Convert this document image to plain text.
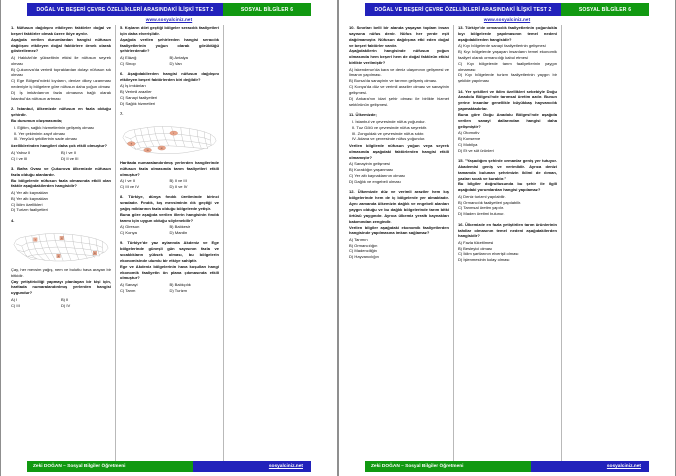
DOĞAL VE BEŞERİ ÇEVRE ÖZELLİKLERİ ARASINDAKİ İLİŞKİ TEST 2	SOSYAL BİLGİLER 6
www.sosyalciniz.net
1. Nüfusun dağılışını etkileyen faktörler doğal ve beşeri faktörler olmak üzere ikiye ayrılır.
Aşağıda verilen durumlardan hangisi nüfusun dağılışını etkileyen doğal faktörlere örnek olarak gösterilemez?
A) Hakkâri'de yükseltinin etkisi ile nüfusun seyrek olması
B) Çukurova'da verimli topraklardan dolayı nüfusun sık olması
C) Ege Bölgesi'ndeki kıyıların, denize dikey uzanması nedeniyle iç bölgelere göre nüfusun daha yoğun olması
D) İş imkânlarının fazla olmasına bağlı olarak İstanbul'da nüfusun artması
2. İstanbul, ülkemizde nüfusun en fazla olduğu şehirdir.
Bu durumun oluşmasında;
I. Eğitim, sağlık hizmetlerinin gelişmiş olması
II. Yer çekiminin zayıf olması
III. Yeryüzü şekillerinin sade olması
özelliklerinden hangileri daha çok etkili olmuştur?
A) Yalnız II	B) I ve II
C) I ve III	D) II ve III
3. Bafra Ovası ve Çukurova ülkemizde nüfusun fazla olduğu alanlardır.
Bu bölgelerde nüfusun fazla olmasında etkili olan faktör aşağıdakilerden hangisidir?
A) Yer altı kaynakları
B) Yer altı kaynakları
C) İklim özellikleri
D) Turizm faaliyetleri
4.
I
II
III
IV
Çay, her mevsim yağış, nem ve bulutlu hava arayan bir bitkidir.
Çay yetiştiriciliği yapmayı planlayan bir kişi için, haritada numaralandırılmış yerlerden hangisi uygundur?
A) I	B) II
C) III	D) IV
5. Kışların dört geçtiği bölgeler seracılık faaliyetleri için daha elverişlidir.
Aşağıda verilen şehirlerden hangisi seracılık faaliyetlerinin yoğun olarak görüldüğü şehirlerdendir?
A) Elâzığ	B) Antalya
C) Sinop	D) Van
6. Aşağıdakilerden hangisi nüfusun dağılışını etkileyen beşeri faktörlerden biri değildir?
A) İş imkânları
B) Verimli araziler
C) Sanayi faaliyetleri
D) Sağlık hizmetleri
7.
I
II
III
IV
Haritada numaralandırılmış yerlerden hangilerinde nüfusun fazla olmasında tarım faaliyetleri etkili olmuştur?
A) I ve II	B) II ve III
C) III ve IV	D) II ve IV
8. Türkiye, dünya fındık üretiminde birinci sıradadır. Fındık, kış mevsiminin ılık geçtiği ve yağış miktarının fazla olduğu bölgelerde yetişir.
Buna göre aşağıda verilen illerin hangisinin fındık tarımı için uygun olduğu söylenebilir?
A) Giresun	B) Balıkesir
C) Konya	D) Mardin
9. Türkiye'de yaz aylarında Akdeniz ve Ege bölgelerinde güneşli gün sayısının fazla ve sıcaklıkların yüksek olması, bu bölgelerin ekonomisinde ulumlu bir etkiye sahiptir.
Ege ve Akdeniz bölgelerinin hava koşulları hangi ekonomik faaliyetin ön plana çıkmasında etkili olmuştur?
A) Sanayi	B) Balıkçılık
C) Tarım	D) Turizm
Zeki DOĞAN – Sosyal Bilgiler Öğretmeni	sosyalciniz.net
DOĞAL VE BEŞERİ ÇEVRE ÖZELLİKLERİ ARASINDAKİ İLİŞKİ TEST 2	SOSYAL BİLGİLER 6
www.sosyalciniz.net
10. Sınırları belli bir alanda yaşayan toplam insan sayısına nüfus denir. Nüfus her yerde eşit dağılmamıştır. Nüfusun dağılışına etki eden doğal ve beşeri faktörler vardır.
Aşağıdakilerin hangisinde nüfusun yoğun olmasında hem beşeri hem de doğal faktörün etkisi birlikte verilmiştir?
A) İskenderun'da kara ve deniz ulaşımının gelişmesi ve limanın yapılması.
B) Bursa'da sanayinin ve tarımın gelişmiş olması.
C) Konya'da düz ve verimli araziler olması ve sanayinin gelişmesi.
D) Ankara'nın idari şehir olması ile birlikte hizmet sektörünün gelişmesi.
11. Ülkemizde;
I. İstanbul ve çevresinde nüfus yoğundur.
II. Tuz Gölü ve çevresinde nüfus seyrektir.
III. Zonguldak ve çevresinde nüfus sıktır.
IV. Adana ve çevresinde nüfus yoğundur.
Verilen bilgilerde nüfusun yoğun veya seyrek olmasında aşağıdaki faktörlerden hangisi etkili olmamıştır?
A) Sanayinin gelişmesi
B) Kuraklığın yaşanması
C) Yer altı kaynaklarının olması
D) Dağlık ve engebeli olması
12. Ülkemizde düz ve verimli araziler hem kış bölgelerinde hem de iç bölgelerde yer almaktadır. Aynı zamanda ülkemizin dağlık ve engebeli alanları yaygın olduğu ve bu dağlık bölgelerinde tarım bitki örtüsü yaygındır. Ayrıca ülkemiz yeraltı kaynakları bakımından zengindir.
Verilen bilgiler aşağıdaki ekonomik faaliyetlerden hangisinde yapılmasına imkan sağlamaz?
A) Tarımın
B) Ormancılığın
C) Madenciliğin
D) Hayvancılığın
13. Türkiye'de ormancılık faaliyetlerinin çoğunlukla kıyı bölgelerde yapılmasının temel nedeni aşağıdakilerden hangisidir?
A) Kıyı bölgelerde sanayi faaliyetlerinin gelişmesi
B) Kıyı bölgelerde yaşayan insanların temel ekonomik faaliyet olarak ormancılığı kabul etmesi
C) Kıyı bölgelerde tarım faaliyetlerinin yaygın olmaması
D) Kıyı bölgelerde turizm faaliyetlerinin yaygın bir şekilde yapılması
14. Yer şekilleri ve iklim özellikleri sebebiyle Doğu Anadolu Bölgesi'nde tarımsal üretim azdır. Bunun yerine insanlar genellikle büyükbaş hayvancılık yapmaktadırlar.
Buna göre Doğu Anadolu Bölgesi'nde aşağıda verilen sanayi dallarından hangisi daha gelişmiştir?
A) Otomotiv
B) Konserve
C) Mobilya
D) Et ve süt ürünleri
15. "Yaşadığım şehirde ormanlar geniş yer tutuyor. Akademisi geniş ve verimlidir. Ayrıca denizi tamamda bulunan şehrimizin iklimi de ılıman, yazları sıcak ve kuraktır."
Bu bilgiler doğrultusunda bu şehir ile ilgili aşağıdaki yorumlardan hangisi yapılamaz?
A) Deniz turizmi yapılabilir.
B) Ormancılık faaliyetleri yapılabilir.
C) Tarımsal üretim yapılır.
D) Maden üretimi bulunur.
16. Ülkemizde en fazla yetiştirilen tarım ürünlerinin tahıllar olmasının temel nedeni aşağıdakilerden hangisidir?
A) Fazla tüketilmesi
B) Besleyici olması
C) İklim şartlarının elverişli olması
D) İşlenmesinin kolay olması
Zeki DOĞAN – Sosyal Bilgiler Öğretmeni	sosyalciniz.net
